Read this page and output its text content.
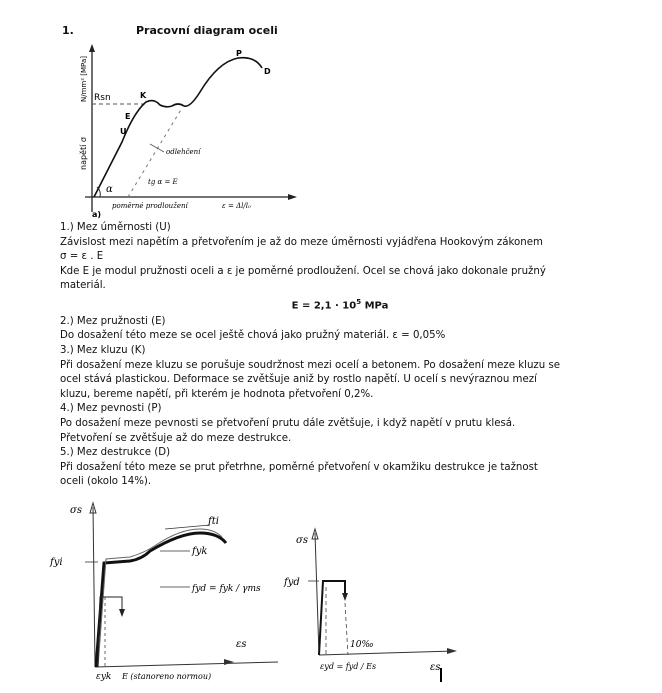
1.	Pracovní diagram oceli
α
napětí σ
N/mm² [MPa] Rsn
U
E
K
P
D
odlehčení
tg α = E
poměrné prodloužení	ε = Δl/l₀
a)

1.) Mez úměrnosti (U)

Závislost mezi napětím a přetvořením je až do meze úměrnosti vyjádřena Hookovým zákonem

σ = ε . E

Kde E je modul pružnosti oceli a ε je poměrné prodloužení. Ocel se chová jako dokonale pružný

materiál.

$E = 2,1 \cdot 10^5$ MPa

2.) Mez pružnosti (E)

Do dosažení této meze se ocel ještě chová jako pružný materiál. ε = 0,05%

3.) Mez kluzu (K)

Při dosažení meze kluzu se porušuje soudržnost mezi ocelí a betonem. Po dosažení meze kluzu se

ocel stává plastickou. Deformace se zvětšuje aniž by rostlo napětí. U ocelí s nevýraznou mezí

kluzu, bereme napětí, při kterém je hodnota přetvoření 0,2%.

4.) Mez pevnosti (P)

Po dosažení meze pevnosti se přetvoření prutu dále zvětšuje, i když napětí v prutu klesá.

Přetvoření se zvětšuje až do meze destrukce.

5.) Mez destrukce (D)

Při dosažení této meze se prut přetrhne, poměrné přetvoření v okamžiku destrukce je tažnost

oceli (okolo 14%).

σs
fyi
fti
fyk
fyd = fyk / γms
εs
εyk E (stanoreno normou)
σs
fyd
10‰
εs
εyd = fyd / Es
